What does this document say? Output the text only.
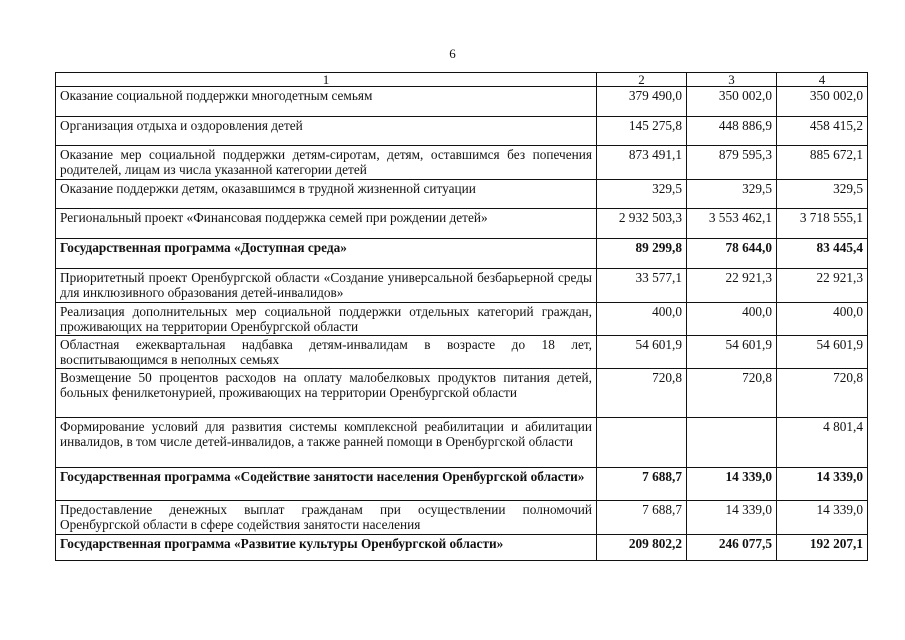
6
1	2	3	4
Оказание социальной поддержки многодетным семьям	379 490,0	350 002,0	350 002,0
Организация отдыха и оздоровления детей	145 275,8	448 886,9	458 415,2
Оказание мер социальной поддержки детям-сиротам, детям, оставшимся без попечения родителей, лицам из числа указанной категории детей	873 491,1	879 595,3	885 672,1
Оказание поддержки детям, оказавшимся в трудной жизненной ситуации	329,5	329,5	329,5
Региональный проект «Финансовая поддержка семей при рождении детей»	2 932 503,3	3 553 462,1	3 718 555,1
Государственная программа «Доступная среда»	89 299,8	78 644,0	83 445,4
Приоритетный проект Оренбургской области «Создание универсальной безбарьерной среды для инклюзивного образования детей-инвалидов»	33 577,1	22 921,3	22 921,3
Реализация дополнительных мер социальной поддержки отдельных категорий граждан, проживающих на территории Оренбургской области	400,0	400,0	400,0
Областная ежеквартальная надбавка детям-инвалидам в возрасте до 18 лет, воспитывающимся в неполных семьях	54 601,9	54 601,9	54 601,9
Возмещение 50 процентов расходов на оплату малобелковых продуктов питания детей, больных фенилкетонурией, проживающих на территории Оренбургской области	720,8	720,8	720,8
Формирование условий для развития системы комплексной реабилитации и абилитации инвалидов, в том числе детей-инвалидов, а также ранней помощи в Оренбургской области			4 801,4
Государственная программа «Содействие занятости населения Оренбургской области»	7 688,7	14 339,0	14 339,0
Предоставление денежных выплат гражданам при осуществлении полномочий Оренбургской области в сфере содействия занятости населения	7 688,7	14 339,0	14 339,0
Государственная программа «Развитие культуры Оренбургской области»	209 802,2	246 077,5	192 207,1
